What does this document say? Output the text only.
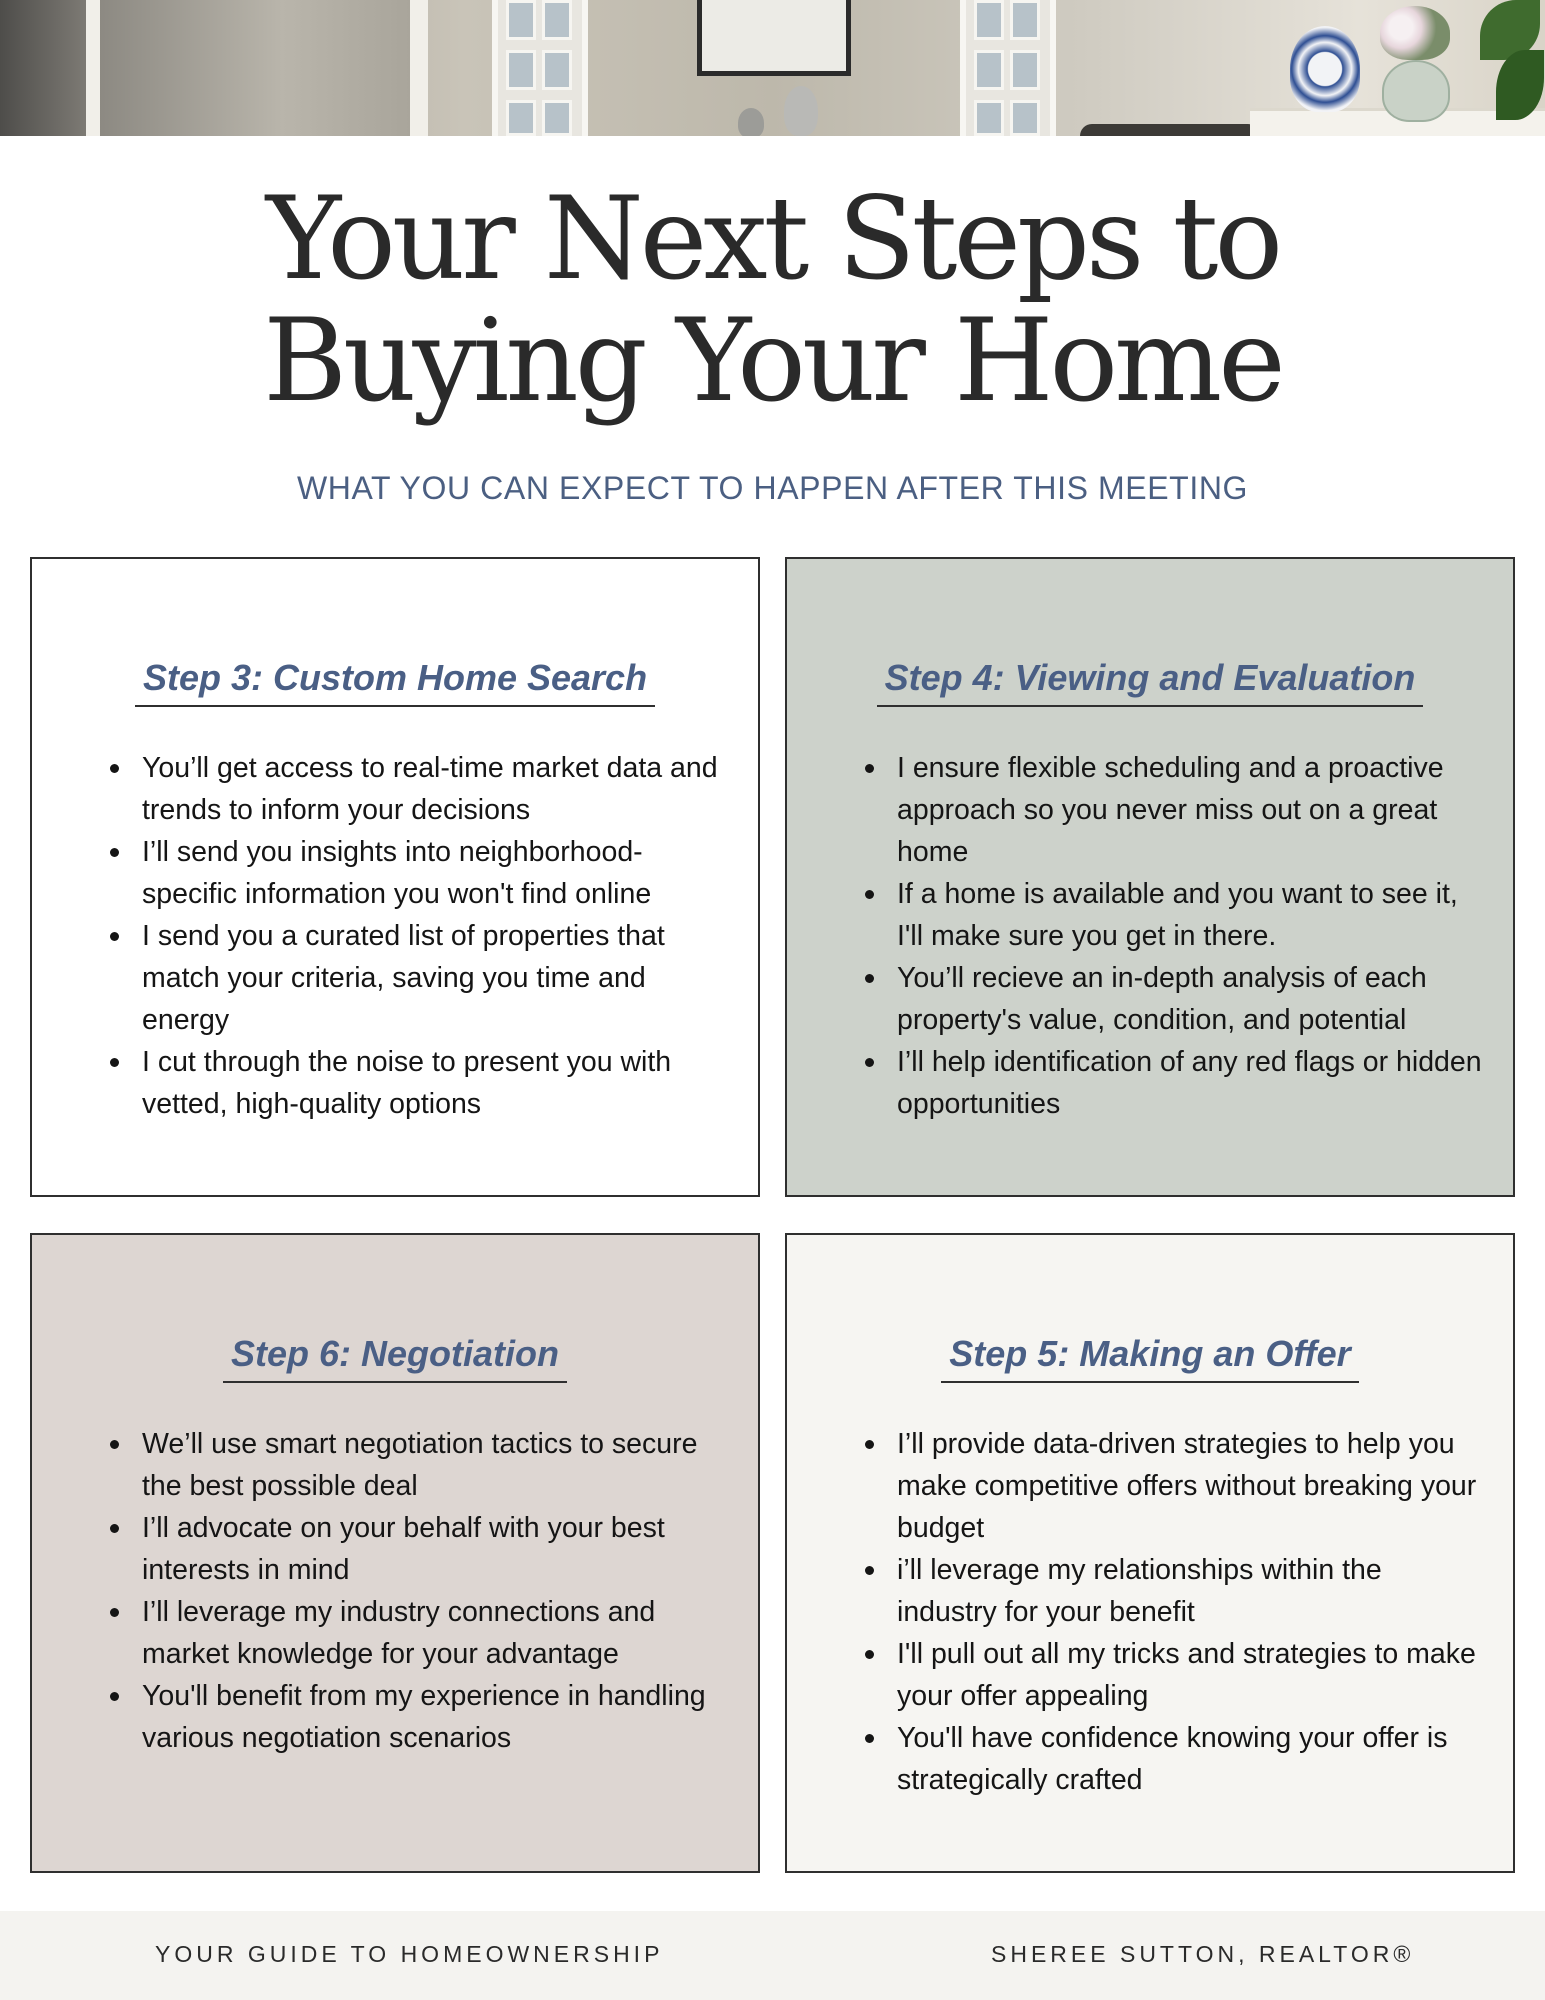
Your Next Steps to
Buying Your Home
WHAT YOU CAN EXPECT TO HAPPEN AFTER THIS MEETING
Step 3: Custom Home Search
You’ll get access to real-time market data and trends to inform your decisions
I’ll send you insights into neighborhood-specific information you won't find online
I send you a curated list of properties that match your criteria, saving you time and energy
I cut through the noise to present you with vetted, high-quality options
Step 4: Viewing and Evaluation
I ensure flexible scheduling and a proactive approach so you never miss out on a great home
If a home is available and you want to see it, I'll make sure you get in there.
You’ll recieve an in-depth analysis of each property's value, condition, and potential
I’ll help identification of any red flags or hidden opportunities
Step 6: Negotiation
We’ll use smart negotiation tactics to secure the best possible deal
I’ll advocate on your behalf with your best interests in mind
I’ll leverage my industry connections and market knowledge for your advantage
You'll benefit from my experience in handling various negotiation scenarios
Step 5: Making an Offer
I’ll provide data-driven strategies to help you make competitive offers without breaking your budget
i’ll leverage my relationships within the industry for your benefit
I'll pull out all my tricks and strategies to make your offer appealing
You'll have confidence knowing your offer is strategically crafted
YOUR GUIDE TO HOMEOWNERSHIP	SHEREE SUTTON, REALTOR®
